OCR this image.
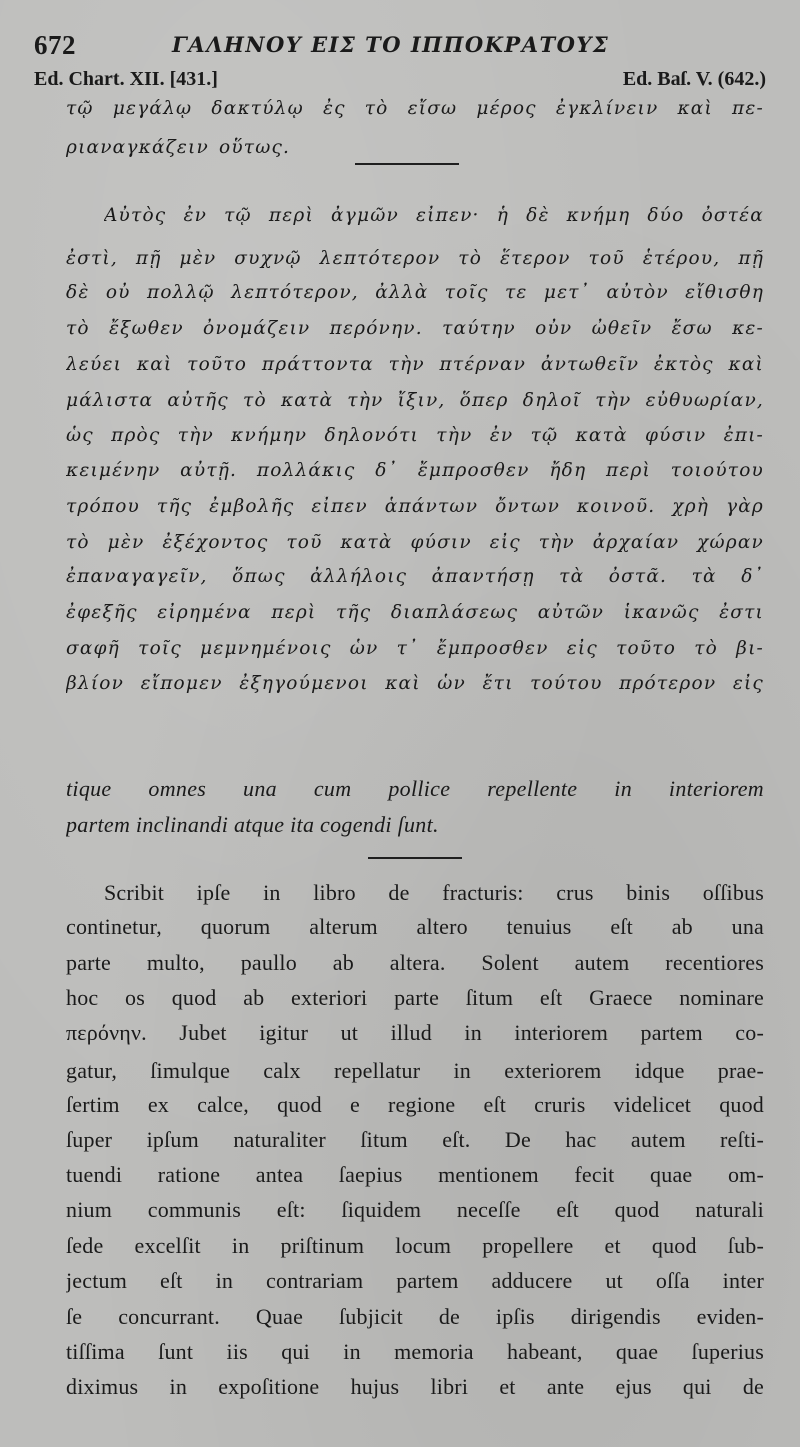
672	ΓΑΛΗΝΟΥ ΕΙΣ ΤΟ ΙΠΠΟΚΡΑΤΟΥΣ
Ed. Chart. XII. [431.]	Ed. Baſ. V. (642.)
τῷ μεγάλῳ δακτύλῳ ἐς τὸ εἴσω μέρος ἐγκλίνειν καὶ πε-
ριαναγκάζειν οὕτως.
Αὐτὸς ἐν τῷ περὶ ἀγμῶν εἶπεν· ἡ δὲ κνήμη δύο ὀστέα
ἐστὶ, πῇ μὲν συχνῷ λεπτότερον τὸ ἕτερον τοῦ ἑτέρου, πῇ
δὲ οὐ πολλῷ λεπτότερον, ἀλλὰ τοῖς τε μετ᾽ αὐτὸν εἴθισθη
τὸ ἔξωθεν ὀνομάζειν περόνην. ταύτην οὖν ὠθεῖν ἔσω κε-
λεύει καὶ τοῦτο πράττοντα τὴν πτέρναν ἀντωθεῖν ἐκτὸς καὶ
μάλιστα αὐτῆς τὸ κατὰ τὴν ἴξιν, ὅπερ δηλοῖ τὴν εὐθυωρίαν,
ὡς πρὸς τὴν κνήμην δηλονότι τὴν ἐν τῷ κατὰ φύσιν ἐπι-
κειμένην αὐτῇ. πολλάκις δ᾽ ἔμπροσθεν ἤδη περὶ τοιούτου
τρόπου τῆς ἐμβολῆς εἶπεν ἁπάντων ὄντων κοινοῦ. χρὴ γὰρ
τὸ μὲν ἐξέχοντος τοῦ κατὰ φύσιν εἰς τὴν ἀρχαίαν χώραν
ἐπαναγαγεῖν, ὅπως ἀλλήλοις ἀπαντήσῃ τὰ ὀστᾶ. τὰ δ᾽
ἐφεξῆς εἰρημένα περὶ τῆς διαπλάσεως αὐτῶν ἱκανῶς ἐστι
σαφῆ τοῖς μεμνημένοις ὧν τ᾽ ἔμπροσθεν εἰς τοῦτο τὸ βι-
βλίον εἴπομεν ἐξηγούμενοι καὶ ὧν ἔτι τούτου πρότερον εἰς
tique omnes una cum pollice repellente in interiorem
partem inclinandi atque ita cogendi ſunt.
Scribit ipſe in libro de fracturis: crus binis oſſibus
continetur, quorum alterum altero tenuius eſt ab una
parte multo, paullo ab altera. Solent autem recentiores
hoc os quod ab exteriori parte ſitum eſt Graece nominare
περόνην. Jubet igitur ut illud in interiorem partem co-
gatur, ſimulque calx repellatur in exteriorem idque prae-
ſertim ex calce, quod e regione eſt cruris videlicet quod
ſuper ipſum naturaliter ſitum eſt. De hac autem reſti-
tuendi ratione antea ſaepius mentionem fecit quae om-
nium communis eſt: ſiquidem neceſſe eſt quod naturali
ſede excelſit in priſtinum locum propellere et quod ſub-
jectum eſt in contrariam partem adducere ut oſſa inter
ſe concurrant. Quae ſubjicit de ipſis dirigendis eviden-
tiſſima ſunt iis qui in memoria habeant, quae ſuperius
diximus in expoſitione hujus libri et ante ejus qui de
